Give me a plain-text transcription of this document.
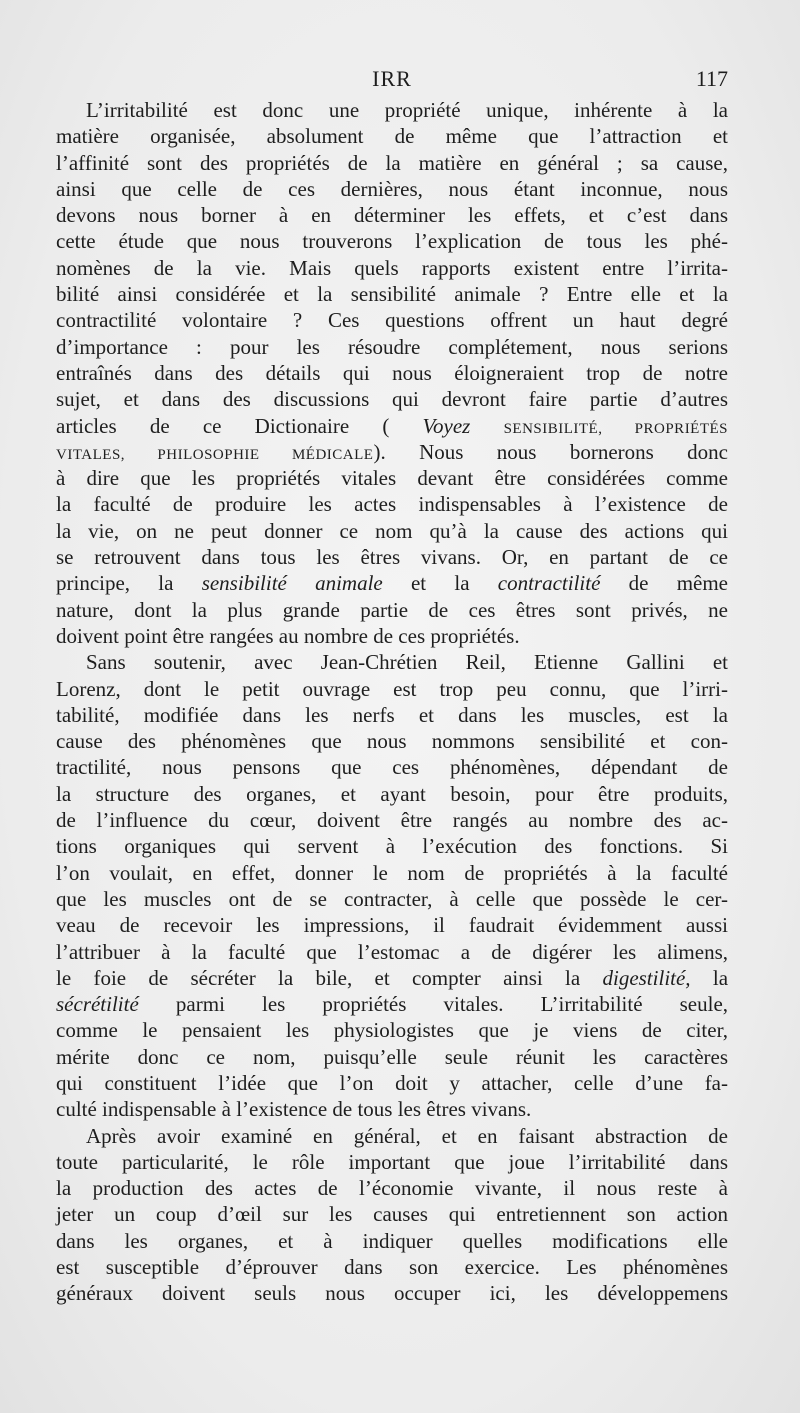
IRR	117
L’irritabilité est donc une propriété unique, inhérente à la
matière organisée, absolument de même que l’attraction et
l’affinité sont des propriétés de la matière en général ; sa cause,
ainsi que celle de ces dernières, nous étant inconnue, nous
devons nous borner à en déterminer les effets, et c’est dans
cette étude que nous trouverons l’explication de tous les phé-
nomènes de la vie. Mais quels rapports existent entre l’irrita-
bilité ainsi considérée et la sensibilité animale ? Entre elle et la
contractilité volontaire ? Ces questions offrent un haut degré
d’importance : pour les résoudre complétement, nous serions
entraînés dans des détails qui nous éloigneraient trop de notre
sujet, et dans des discussions qui devront faire partie d’autres
articles de ce Dictionaire ( Voyez SENSIBILITÉ, PROPRIÉTÉS
VITALES, PHILOSOPHIE MÉDICALE). Nous nous bornerons donc
à dire que les propriétés vitales devant être considérées comme
la faculté de produire les actes indispensables à l’existence de
la vie, on ne peut donner ce nom qu’à la cause des actions qui
se retrouvent dans tous les êtres vivans. Or, en partant de ce
principe, la sensibilité animale et la contractilité de même
nature, dont la plus grande partie de ces êtres sont privés, ne
doivent point être rangées au nombre de ces propriétés.
Sans soutenir, avec Jean-Chrétien Reil, Etienne Gallini et
Lorenz, dont le petit ouvrage est trop peu connu, que l’irri-
tabilité, modifiée dans les nerfs et dans les muscles, est la
cause des phénomènes que nous nommons sensibilité et con-
tractilité, nous pensons que ces phénomènes, dépendant de
la structure des organes, et ayant besoin, pour être produits,
de l’influence du cœur, doivent être rangés au nombre des ac-
tions organiques qui servent à l’exécution des fonctions. Si
l’on voulait, en effet, donner le nom de propriétés à la faculté
que les muscles ont de se contracter, à celle que possède le cer-
veau de recevoir les impressions, il faudrait évidemment aussi
l’attribuer à la faculté que l’estomac a de digérer les alimens,
le foie de sécréter la bile, et compter ainsi la digestilité, la
sécrétilité parmi les propriétés vitales. L’irritabilité seule,
comme le pensaient les physiologistes que je viens de citer,
mérite donc ce nom, puisqu’elle seule réunit les caractères
qui constituent l’idée que l’on doit y attacher, celle d’une fa-
culté indispensable à l’existence de tous les êtres vivans.
Après avoir examiné en général, et en faisant abstraction de
toute particularité, le rôle important que joue l’irritabilité dans
la production des actes de l’économie vivante, il nous reste à
jeter un coup d’œil sur les causes qui entretiennent son action
dans les organes, et à indiquer quelles modifications elle
est susceptible d’éprouver dans son exercice. Les phénomènes
généraux doivent seuls nous occuper ici, les développemens
